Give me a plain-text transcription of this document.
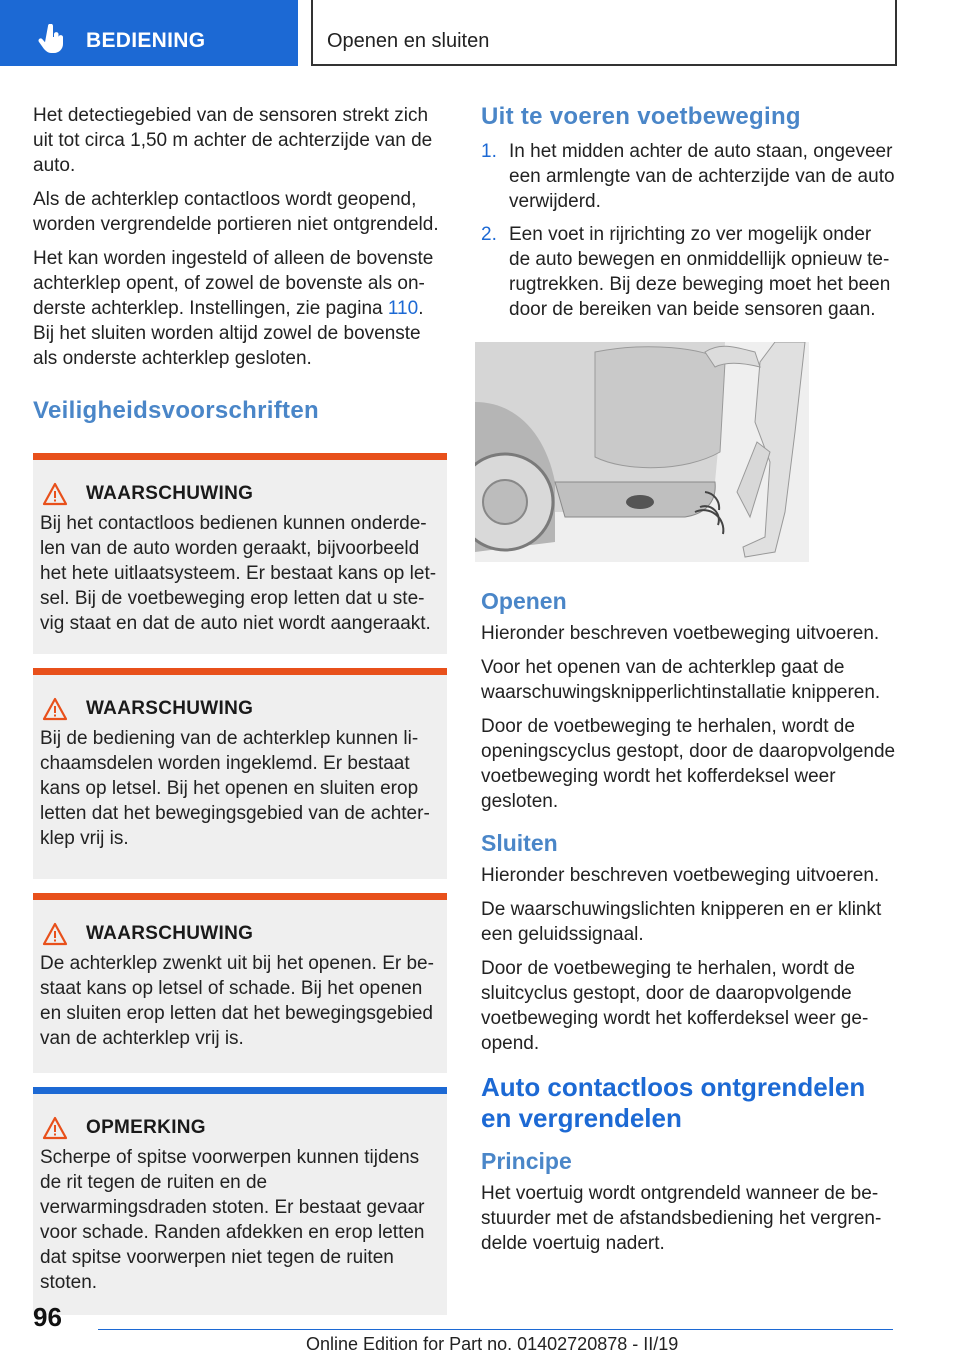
BEDIENING	Openen en sluiten

Het detectiegebied van de sensoren strekt zich uit tot circa 1,50 m achter de achterzijde van de auto.

Als de achterklep contactloos wordt geopend, worden vergrendelde portieren niet ontgrendeld.

Het kan worden ingesteld of alleen de bovenste achterklep opent, of zowel de bovenste als onderste achterklep. Instellingen, zie pagina 110.

Bij het sluiten worden altijd zowel de bovenste als onderste achterklep gesloten.

Veiligheidsvoorschriften
WAARSCHUWING

Bij het contactloos bedienen kunnen onderdelen van de auto worden geraakt, bijvoorbeeld het hete uitlaatsysteem. Er bestaat kans op letsel. Bij de voetbeweging erop letten dat u stevig staat en dat de auto niet wordt aangeraakt.

WAARSCHUWING

Bij de bediening van de achterklep kunnen lichaamsdelen worden ingeklemd. Er bestaat kans op letsel. Bij het openen en sluiten erop letten dat het bewegingsgebied van de achterklep vrij is.

WAARSCHUWING

De achterklep zwenkt uit bij het openen. Er bestaat kans op letsel of schade. Bij het openen en sluiten erop letten dat het bewegingsgebied van de achterklep vrij is.

OPMERKING

Scherpe of spitse voorwerpen kunnen tijdens de rit tegen de ruiten en de verwarmingsdraden stoten. Er bestaat gevaar voor schade. Randen afdekken en erop letten dat spitse voorwerpen niet tegen de ruiten stoten.

Uit te voeren voetbeweging
1. In het midden achter de auto staan, ongeveer een armlengte van de achterzijde van de auto verwijderd.
2. Een voet in rijrichting zo ver mogelijk onder de auto bewegen en onmiddellijk opnieuw terugtrekken. Bij deze beweging moet het been door de bereiken van beide sensoren gaan.
Openen

Hieronder beschreven voetbeweging uitvoeren.

Voor het openen van de achterklep gaat de waarschuwingsknipperlichtinstallatie knipperen.

Door de voetbeweging te herhalen, wordt de openingscyclus gestopt, door de daaropvolgende voetbeweging wordt het kofferdeksel weer gesloten.

Sluiten

Hieronder beschreven voetbeweging uitvoeren.

De waarschuwingslichten knipperen en er klinkt een geluidssignaal.

Door de voetbeweging te herhalen, wordt de sluitcyclus gestopt, door de daaropvolgende voetbeweging wordt het kofferdeksel weer geopend.

Auto contactloos ontgrendelen en vergrendelen
Principe

Het voertuig wordt ontgrendeld wanneer de bestuurder met de afstandsbediening het vergrendelde voertuig nadert.

96
Online Edition for Part no. 01402720878 - II/19
